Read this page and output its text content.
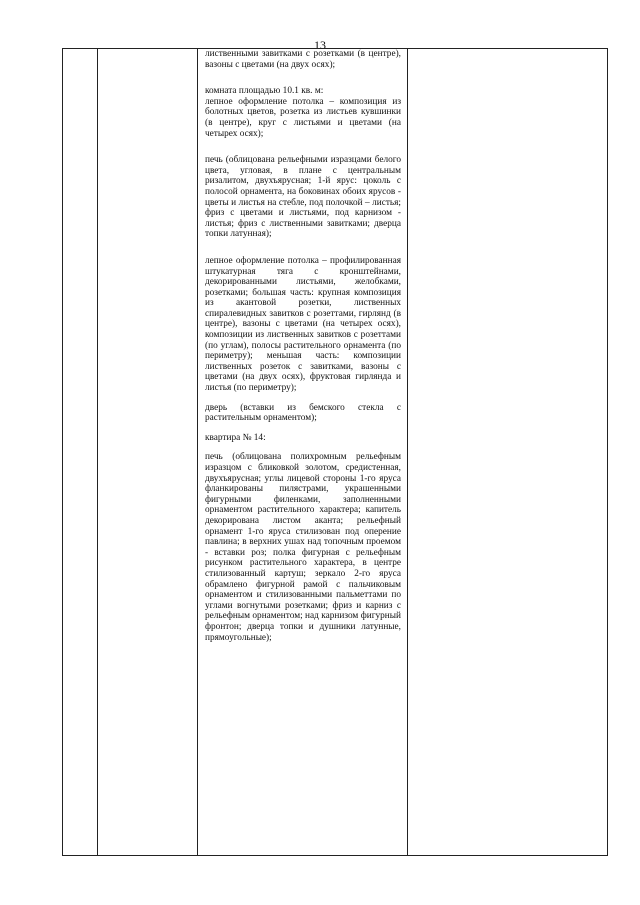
13

лиственными завитками с розетками (в центре), вазоны с цветами (на двух осях);

комната площадью 10.1 кв. м:

лепное оформление потолка – композиция из болотных цветов, розетка из листьев кувшинки (в центре), круг с листьями и цветами (на четырех осях);

печь (облицована рельефными изразцами белого цвета, угловая, в плане с центральным ризалитом, двухъярусная; 1-й ярус: цоколь с полосой орнамента, на боковинах обоих ярусов - цветы и листья на стебле, под полочкой – листья; фриз с цветами и листьями, под карнизом - листья; фриз с лиственными завитками; дверца топки латунная);

лепное оформление потолка – профилированная штукатурная тяга с кронштейнами, декорированными листьями, желобками, розетками; большая часть: крупная композиция из акантовой розетки, лиственных спиралевидных завитков с розеттами, гирлянд (в центре), вазоны с цветами (на четырех осях), композиции из лиственных завитков с розеттами (по углам), полосы растительного орнамента (по периметру); меньшая часть: композиции лиственных розеток с завитками, вазоны с цветами (на двух осях), фруктовая гирлянда и листья (по периметру);

дверь (вставки из бемского стекла с растительным орнаментом);

квартира № 14:

печь (облицована полихромным рельефным изразцом с бликовкой золотом, средистенная, двухъярусная; углы лицевой стороны 1-го яруса фланкированы пилястрами, украшенными фигурными филенками, заполненными орнаментом растительного характера; капитель декорирована листом аканта; рельефный орнамент 1-го яруса стилизован под оперение павлина; в верхних ушах над топочным проемом - вставки роз; полка фигурная с рельефным рисунком растительного характера, в центре стилизованный картуш; зеркало 2-го яруса обрамлено фигурной рамой с пальчиковым орнаментом и стилизованными пальметтами по углами вогнутыми розетками; фриз и карниз с рельефным орнаментом; над карнизом фигурный фронтон; дверца топки и душники латунные, прямоугольные);
